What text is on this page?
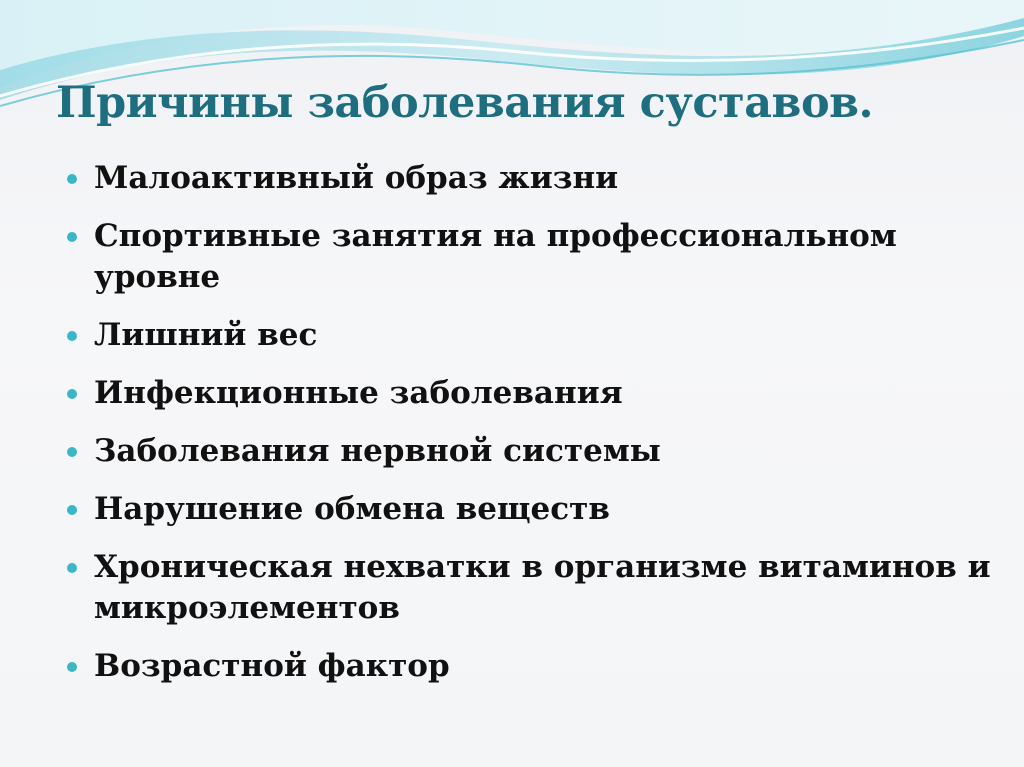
Причины заболевания суставов.
Малоактивный образ жизни
Спортивные занятия на профессиональном уровне
Лишний вес
Инфекционные заболевания
Заболевания нервной системы
Нарушение обмена веществ
Хроническая нехватки в организме витаминов и микроэлементов
Возрастной фактор
